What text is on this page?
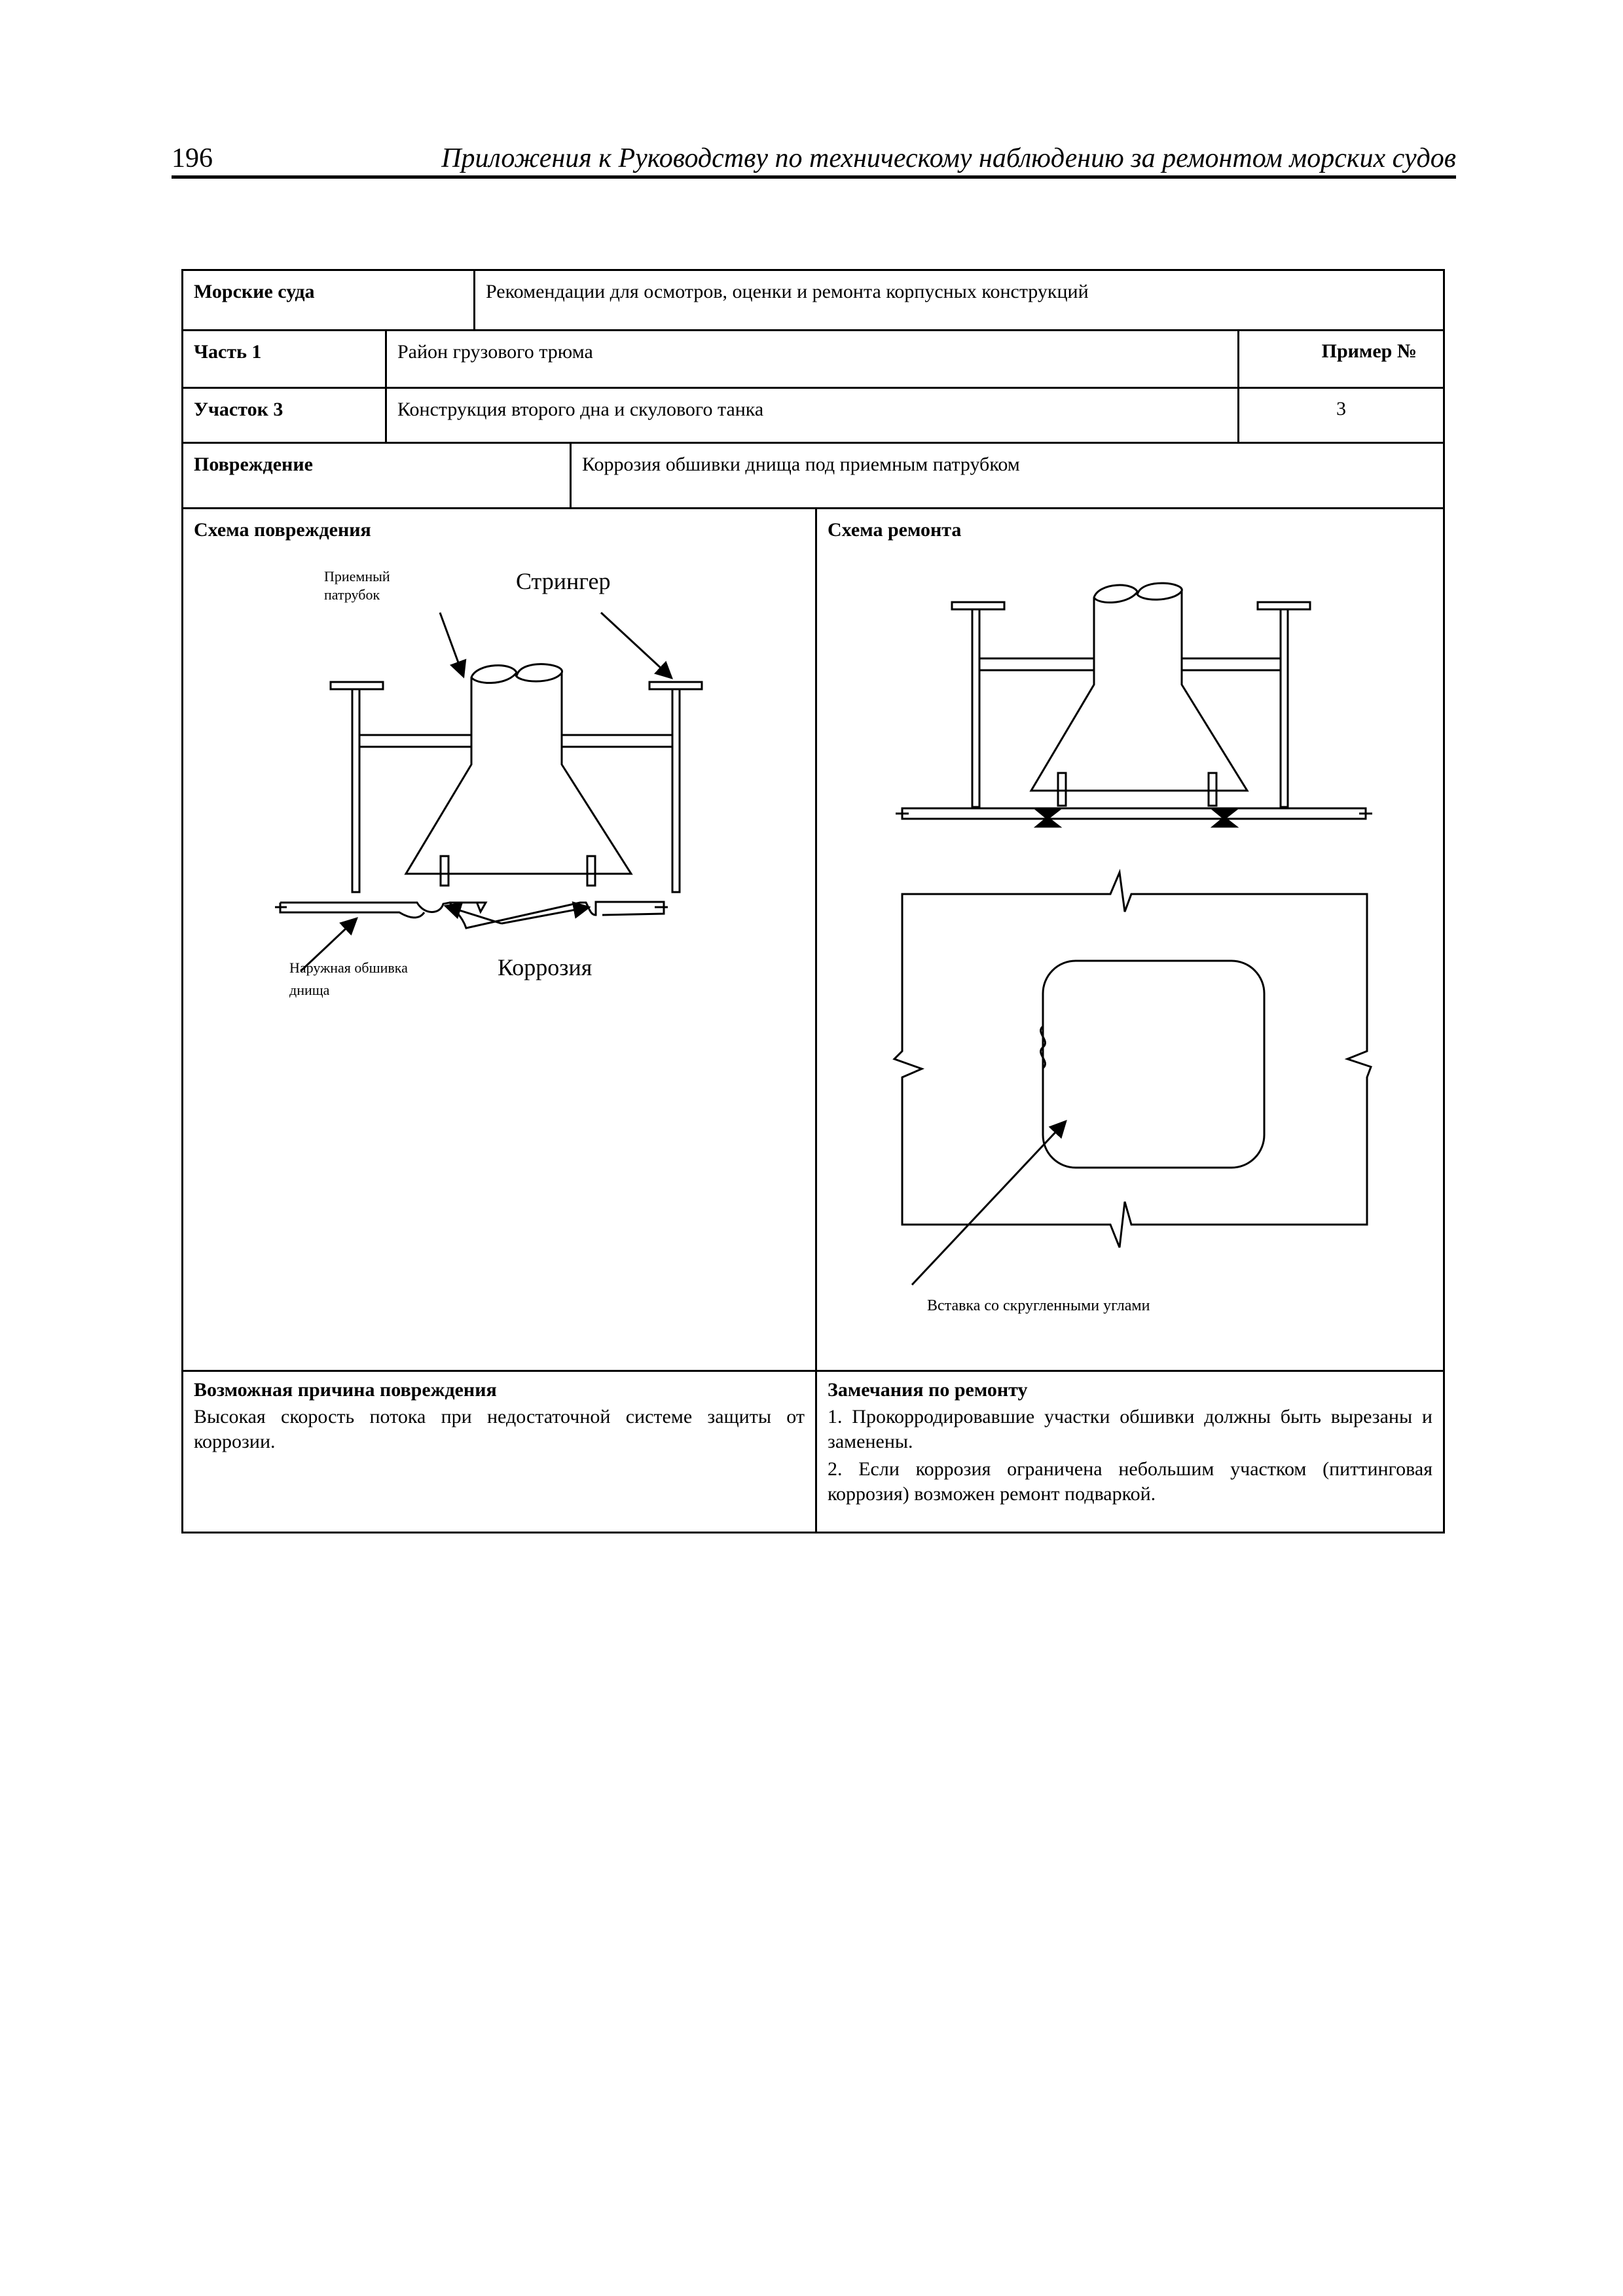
196	Приложения к Руководству по техническому наблюдению за ремонтом морских судов
Морские суда	Рекомендации для осмотров, оценки и ремонта корпусных конструкций
Часть 1	Район грузового трюма	Пример №
Участок 3	Конструкция второго дна и скулового танка	3
Повреждение	Коррозия обшивки днища под приемным патрубком
Схема повреждения
Приемный
патрубок
Стрингер
Наружная обшивка
днища
Коррозия
Схема ремонта
Вставка со скругленными углами
Возможная причина повреждения
Высокая скорость потока при недостаточной системе защиты от коррозии.
Замечания по ремонту
1. Прокорродировавшие участки обшивки должны быть вырезаны и заменены.
2. Если коррозия ограничена небольшим участком (питтинговая коррозия) возможен ремонт подваркой.
